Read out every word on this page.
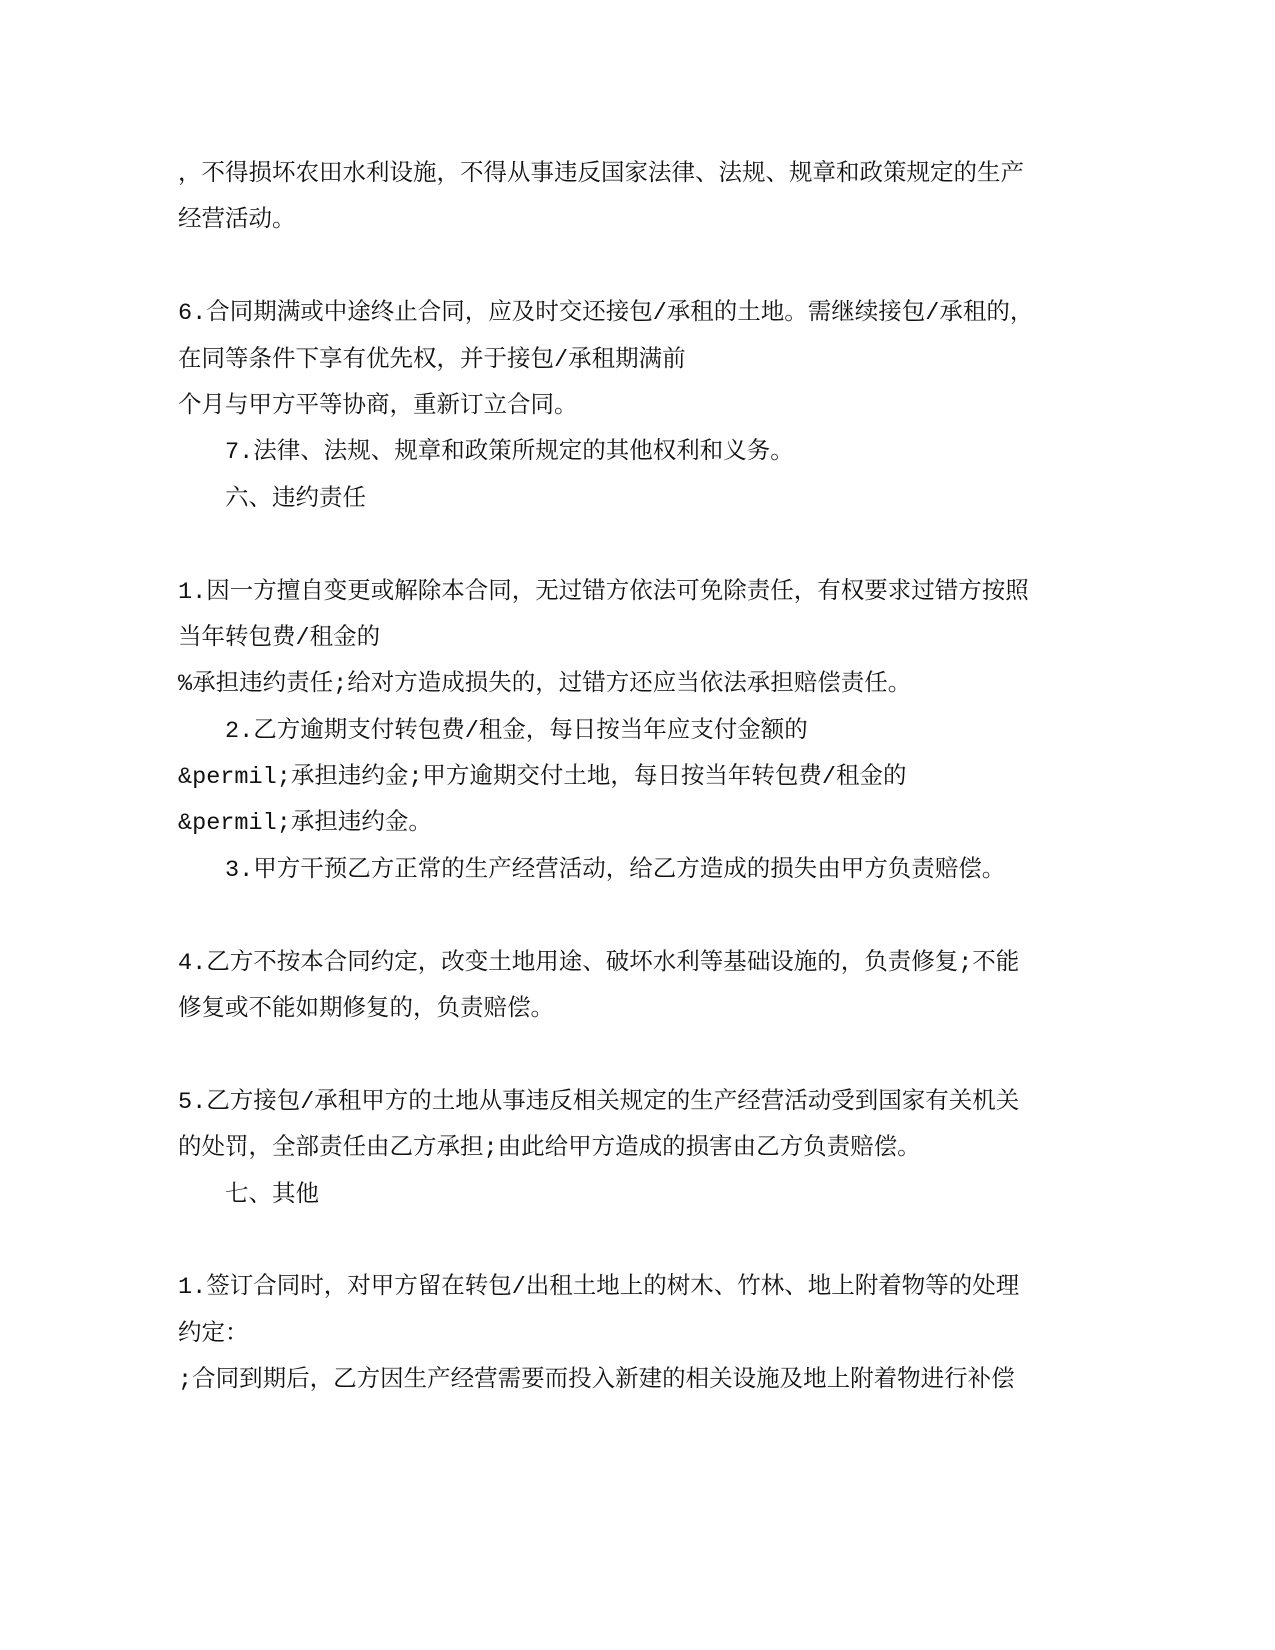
，不得损坏农田水利设施，不得从事违反国家法律、法规、规章和政策规定的生产
经营活动。
6.合同期满或中途终止合同，应及时交还接包/承租的土地。需继续接包/承租的，
在同等条件下享有优先权，并于接包/承租期满前
个月与甲方平等协商，重新订立合同。
7.法律、法规、规章和政策所规定的其他权利和义务。
六、违约责任
1.因一方擅自变更或解除本合同，无过错方依法可免除责任，有权要求过错方按照
当年转包费/租金的
%承担违约责任;给对方造成损失的，过错方还应当依法承担赔偿责任。
2.乙方逾期支付转包费/租金，每日按当年应支付金额的
&permil;承担违约金;甲方逾期交付土地，每日按当年转包费/租金的
&permil;承担违约金。
3.甲方干预乙方正常的生产经营活动，给乙方造成的损失由甲方负责赔偿。
4.乙方不按本合同约定，改变土地用途、破坏水利等基础设施的，负责修复;不能
修复或不能如期修复的，负责赔偿。
5.乙方接包/承租甲方的土地从事违反相关规定的生产经营活动受到国家有关机关
的处罚，全部责任由乙方承担;由此给甲方造成的损害由乙方负责赔偿。
七、其他
1.签订合同时，对甲方留在转包/出租土地上的树木、竹林、地上附着物等的处理
约定：
;合同到期后，乙方因生产经营需要而投入新建的相关设施及地上附着物进行补偿
